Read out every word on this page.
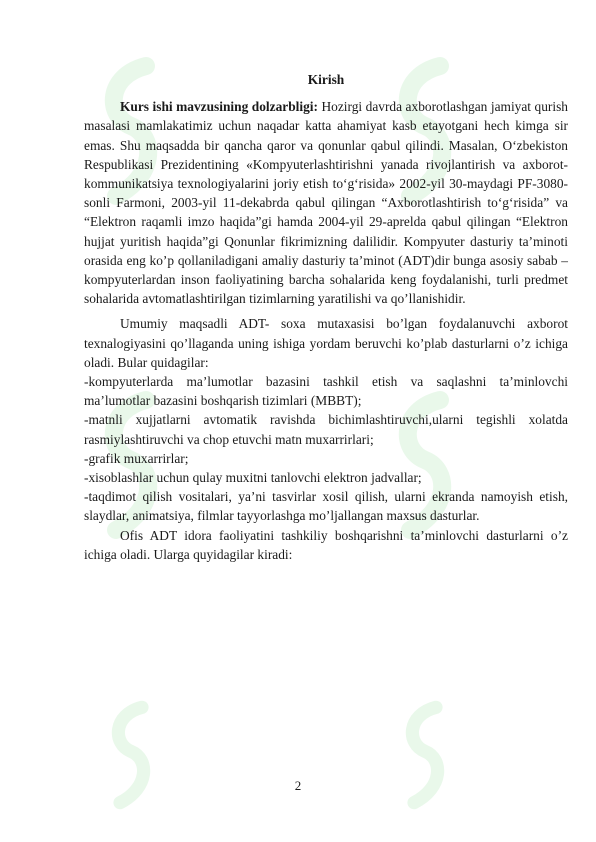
Kirish

Kurs ishi mavzusining dolzarbligi: Hozirgi davrda axborotlashgan jamiyat qurish masalasi mamlakatimiz uchun naqadar katta ahamiyat kasb etayotgani hech kimga sir emas. Shu maqsadda bir qancha qaror va qonunlar qabul qilindi. Masalan, O‘zbekiston Respublikasi Prezidentining «Kompyuterlashtirishni yanada rivojlantirish va axborot-kommunikatsiya texnologiyalarini joriy etish to‘g‘risida» 2002-yil 30-maydagi PF-3080-sonli Farmoni, 2003-yil 11-dekabrda qabul qilingan “Axborotlashtirish to‘g‘risida” va “Elektron raqamli imzo haqida”gi hamda 2004-yil 29-aprelda qabul qilingan “Elektron hujjat yuritish haqida”gi Qonunlar fikrimizning dalilidir. Kompyuter dasturiy ta’minoti orasida eng ko’p qollaniladigani amaliy dasturiy ta’minot (ADT)dir bunga asosiy sabab – kompyuterlardan inson faoliyatining barcha sohalarida keng foydalanishi, turli predmet sohalarida avtomatlashtirilgan tizimlarning yaratilishi va qo’llanishidir.

Umumiy maqsadli ADT- soxa mutaxasisi bo’lgan foydalanuvchi axborot texnalogiyasini qo’llaganda uning ishiga yordam beruvchi ko’plab dasturlarni o’z ichiga oladi. Bular quidagilar:

-kompyuterlarda ma’lumotlar bazasini tashkil etish va saqlashni ta’minlovchi ma’lumotlar bazasini boshqarish tizimlari (MBBT);

-matnli xujjatlarni avtomatik ravishda bichimlashtiruvchi,ularni tegishli xolatda rasmiylashtiruvchi va chop etuvchi matn muxarrirlari;

-grafik muxarrirlar;

-xisoblashlar uchun qulay muxitni tanlovchi elektron jadvallar;

-taqdimot qilish vositalari, ya’ni tasvirlar xosil qilish, ularni ekranda namoyish etish, slaydlar, animatsiya, filmlar tayyorlashga mo’ljallangan maxsus dasturlar.

Ofis ADT idora faoliyatini tashkiliy boshqarishni ta’minlovchi dasturlarni o’z ichiga oladi. Ularga quyidagilar kiradi:

2
